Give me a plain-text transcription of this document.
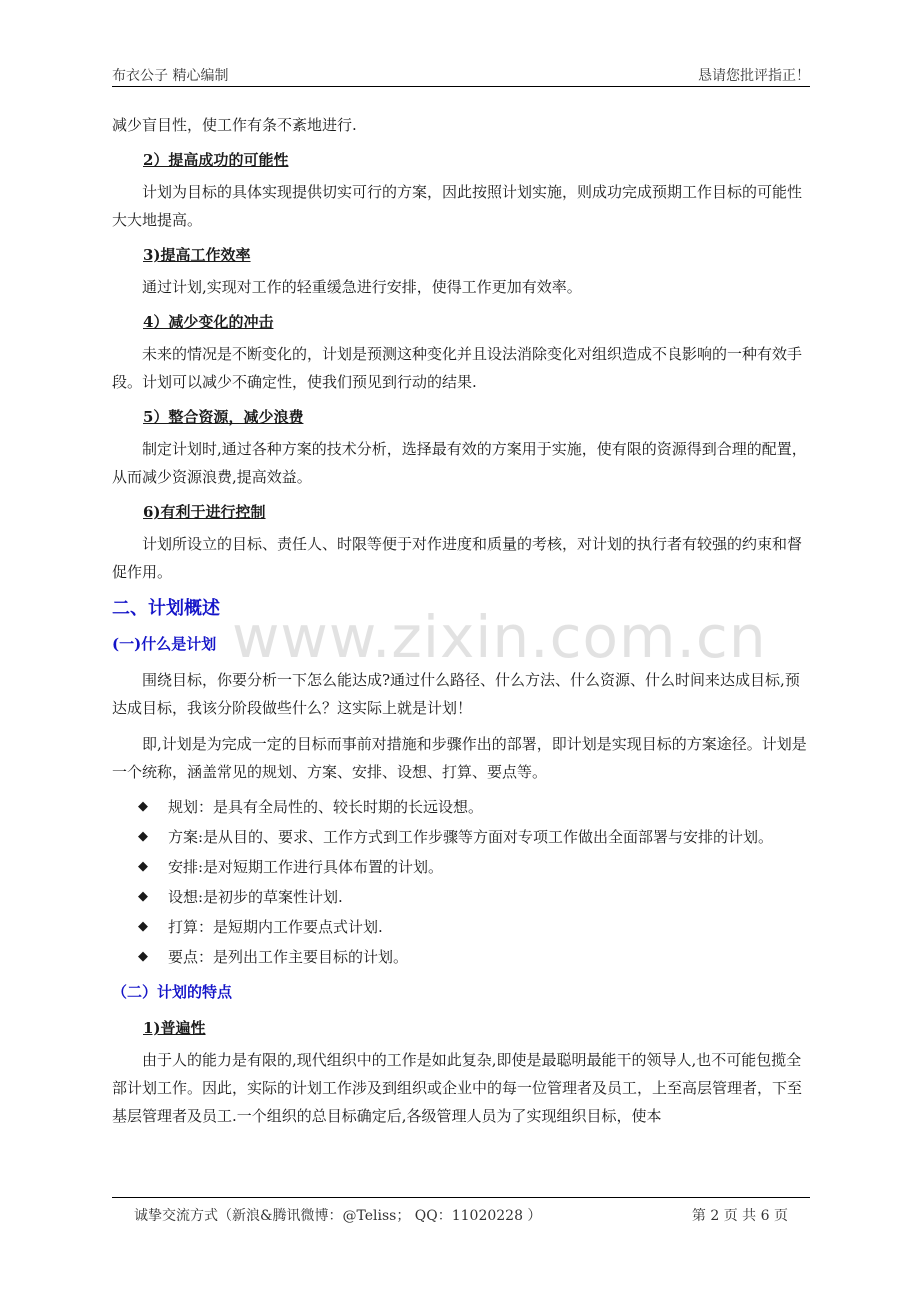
布衣公子 精心编制	恳请您批评指正！
www.zixin.com.cn

减少盲目性，使工作有条不紊地进行.

2）提高成功的可能性

计划为目标的具体实现提供切实可行的方案，因此按照计划实施，则成功完成预期工作目标的可能性大大地提高。

3)提高工作效率

通过计划,实现对工作的轻重缓急进行安排，使得工作更加有效率。

4）减少变化的冲击

未来的情况是不断变化的，计划是预测这种变化并且设法消除变化对组织造成不良影响的一种有效手段。计划可以减少不确定性，使我们预见到行动的结果.

5）整合资源，减少浪费

制定计划时,通过各种方案的技术分析，选择最有效的方案用于实施，使有限的资源得到合理的配置，从而减少资源浪费,提高效益。

6)有利于进行控制

计划所设立的目标、责任人、时限等便于对作进度和质量的考核，对计划的执行者有较强的约束和督促作用。

二、计划概述
(一)什么是计划

围绕目标，你要分析一下怎么能达成?通过什么路径、什么方法、什么资源、什么时间来达成目标,预达成目标，我该分阶段做些什么？这实际上就是计划！

即,计划是为完成一定的目标而事前对措施和步骤作出的部署，即计划是实现目标的方案途径。计划是一个统称，涵盖常见的规划、方案、安排、设想、打算、要点等。

◆ 规划：是具有全局性的、较长时期的长远设想。
◆ 方案:是从目的、要求、工作方式到工作步骤等方面对专项工作做出全面部署与安排的计划。
◆ 安排:是对短期工作进行具体布置的计划。
◆ 设想:是初步的草案性计划.
◆ 打算：是短期内工作要点式计划.
◆ 要点：是列出工作主要目标的计划。
（二）计划的特点
1)普遍性

由于人的能力是有限的,现代组织中的工作是如此复杂,即使是最聪明最能干的领导人,也不可能包揽全部计划工作。因此，实际的计划工作涉及到组织或企业中的每一位管理者及员工，上至高层管理者，下至基层管理者及员工.一个组织的总目标确定后,各级管理人员为了实现组织目标，使本

诚挚交流方式（新浪&腾讯微博：@Teliss； QQ：11020228 ）	第 2 页 共 6 页
